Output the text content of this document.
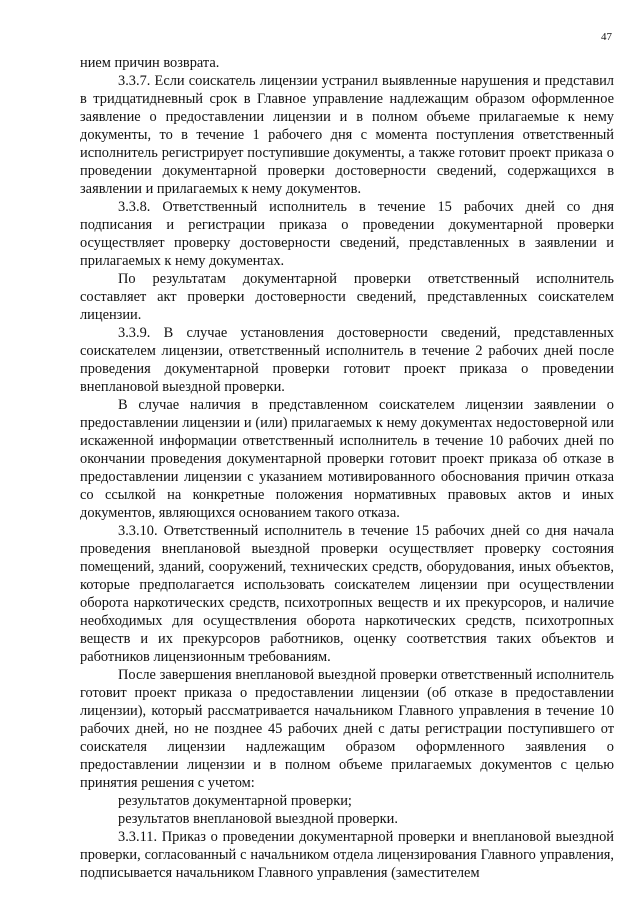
47

нием причин возврата.

3.3.7. Если соискатель лицензии устранил выявленные нарушения и представил в тридцатидневный срок в Главное управление надлежащим образом оформленное заявление о предоставлении лицензии и в полном объеме прилагаемые к нему документы, то в течение 1 рабочего дня с момента поступления ответственный исполнитель регистрирует поступившие документы, а также готовит проект приказа о проведении документарной проверки достоверности сведений, содержащихся в заявлении и прилагаемых к нему документов.

3.3.8. Ответственный исполнитель в течение 15 рабочих дней со дня подписания и регистрации приказа о проведении документарной проверки осуществляет проверку достоверности сведений, представленных в заявлении и прилагаемых к нему документах.

По результатам документарной проверки ответственный исполнитель составляет акт проверки достоверности сведений, представленных соискателем лицензии.

3.3.9. В случае установления достоверности сведений, представленных соискателем лицензии, ответственный исполнитель в течение 2 рабочих дней после проведения документарной проверки готовит проект приказа о проведении внеплановой выездной проверки.

В случае наличия в представленном соискателем лицензии заявлении о предоставлении лицензии и (или) прилагаемых к нему документах недостоверной или искаженной информации ответственный исполнитель в течение 10 рабочих дней по окончании проведения документарной проверки готовит проект приказа об отказе в предоставлении лицензии с указанием мотивированного обоснования причин отказа со ссылкой на конкретные положения нормативных правовых актов и иных документов, являющихся основанием такого отказа.

3.3.10. Ответственный исполнитель в течение 15 рабочих дней со дня начала проведения внеплановой выездной проверки осуществляет проверку состояния помещений, зданий, сооружений, технических средств, оборудования, иных объектов, которые предполагается использовать соискателем лицензии при осуществлении оборота наркотических средств, психотропных веществ и их прекурсоров, и наличие необходимых для осуществления оборота наркотических средств, психотропных веществ и их прекурсоров работников, оценку соответствия таких объектов и работников лицензионным требованиям.

После завершения внеплановой выездной проверки ответственный исполнитель готовит проект приказа о предоставлении лицензии (об отказе в предоставлении лицензии), который рассматривается начальником Главного управления в течение 10 рабочих дней, но не позднее 45 рабочих дней с даты регистрации поступившего от соискателя лицензии надлежащим образом оформленного заявления о предоставлении лицензии и в полном объеме прилагаемых документов с целью принятия решения с учетом:

результатов документарной проверки;

результатов внеплановой выездной проверки.

3.3.11. Приказ о проведении документарной проверки и внеплановой выездной проверки, согласованный с начальником отдела лицензирования Главного управления, подписывается начальником Главного управления (заместителем
